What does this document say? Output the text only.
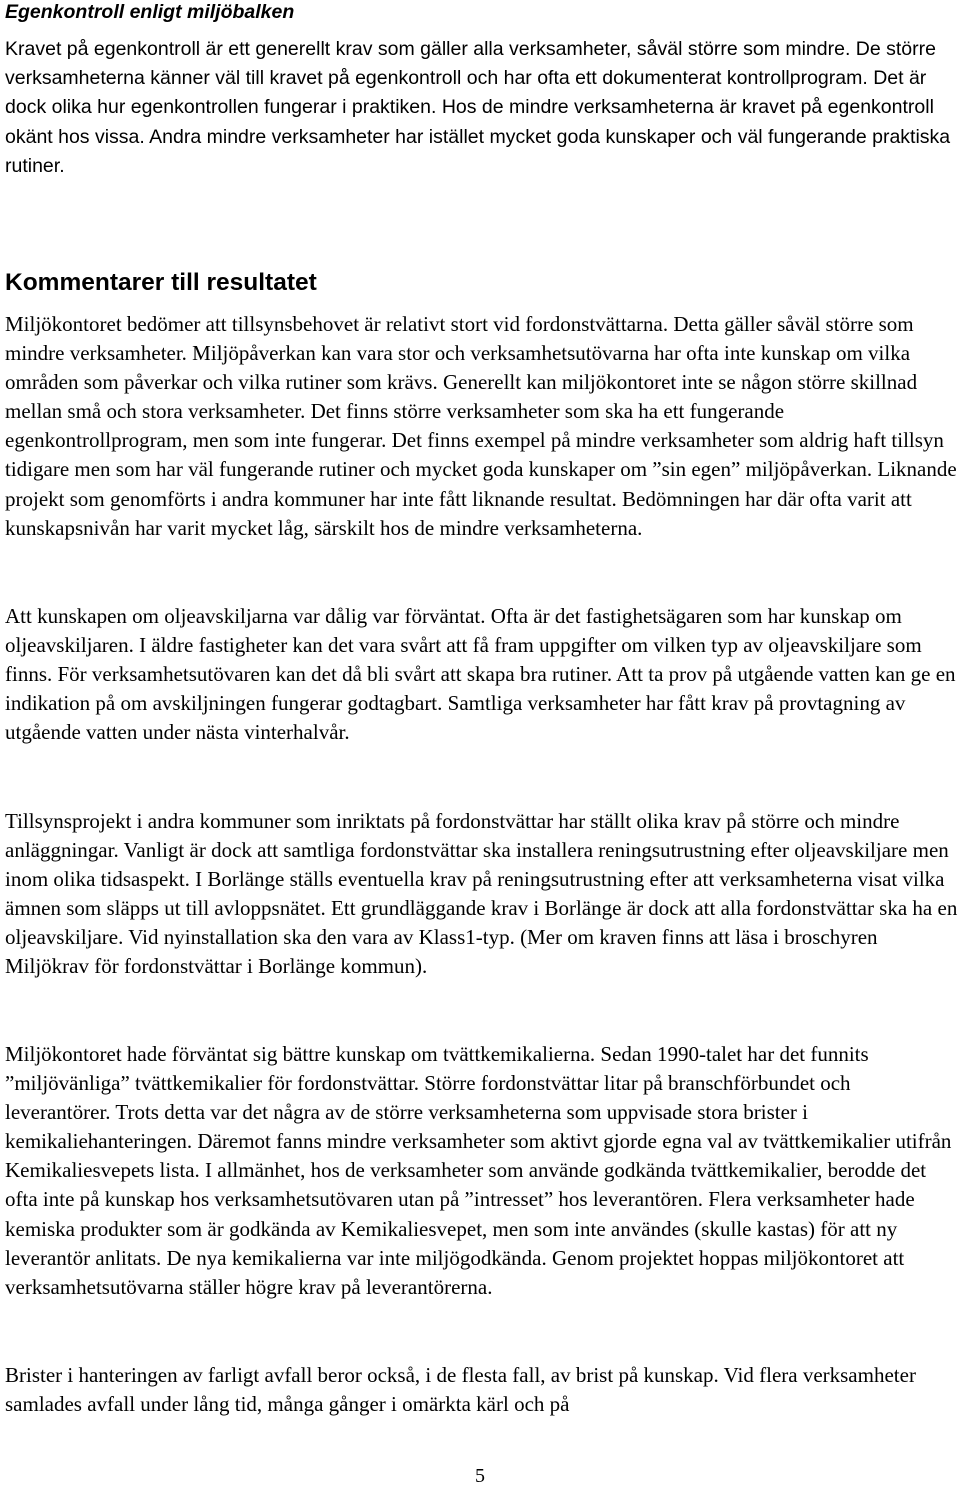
Egenkontroll enligt miljöbalken

Kravet på egenkontroll är ett generellt krav som gäller alla verksamheter, såväl större som mindre. De större verksamheterna känner väl till kravet på egenkontroll och har ofta ett dokumenterat kontrollprogram. Det är dock olika hur egenkontrollen fungerar i praktiken. Hos de mindre verksamheterna är kravet på egenkontroll okänt hos vissa. Andra mindre verksamheter har istället mycket goda kunskaper och väl fungerande praktiska rutiner.

Kommentarer till resultatet

Miljökontoret bedömer att tillsynsbehovet är relativt stort vid fordonstvättarna. Detta gäller såväl större som mindre verksamheter. Miljöpåverkan kan vara stor och verksamhetsutövarna har ofta inte kunskap om vilka områden som påverkar och vilka rutiner som krävs. Generellt kan miljökontoret inte se någon större skillnad mellan små och stora verksamheter. Det finns större verksamheter som ska ha ett fungerande egenkontrollprogram, men som inte fungerar. Det finns exempel på mindre verksamheter som aldrig haft tillsyn tidigare men som har väl fungerande rutiner och mycket goda kunskaper om ”sin egen” miljöpåverkan. Liknande projekt som genomförts i andra kommuner har inte fått liknande resultat. Bedömningen har där ofta varit att kunskapsnivån har varit mycket låg, särskilt hos de mindre verksamheterna.

Att kunskapen om oljeavskiljarna var dålig var förväntat. Ofta är det fastighetsägaren som har kunskap om oljeavskiljaren. I äldre fastigheter kan det vara svårt att få fram uppgifter om vilken typ av oljeavskiljare som finns. För verksamhetsutövaren kan det då bli svårt att skapa bra rutiner. Att ta prov på utgående vatten kan ge en indikation på om avskiljningen fungerar godtagbart. Samtliga verksamheter har fått krav på provtagning av utgående vatten under nästa vinterhalvår.

Tillsynsprojekt i andra kommuner som inriktats på fordonstvättar har ställt olika krav på större och mindre anläggningar. Vanligt är dock att samtliga fordonstvättar ska installera reningsutrustning efter oljeavskiljare men inom olika tidsaspekt. I Borlänge ställs eventuella krav på reningsutrustning efter att verksamheterna visat vilka ämnen som släpps ut till avloppsnätet. Ett grundläggande krav i Borlänge är dock att alla fordonstvättar ska ha en oljeavskiljare. Vid nyinstallation ska den vara av Klass1-typ. (Mer om kraven finns att läsa i broschyren Miljökrav för fordonstvättar i Borlänge kommun).

Miljökontoret hade förväntat sig bättre kunskap om tvättkemikalierna. Sedan 1990-talet har det funnits ”miljövänliga” tvättkemikalier för fordonstvättar. Större fordonstvättar litar på branschförbundet och leverantörer. Trots detta var det några av de större verksamheterna som uppvisade stora brister i kemikaliehanteringen. Däremot fanns mindre verksamheter som aktivt gjorde egna val av tvättkemikalier utifrån Kemikaliesvepets lista. I allmänhet, hos de verksamheter som använde godkända tvättkemikalier, berodde det ofta inte på kunskap hos verksamhetsutövaren utan på ”intresset” hos leverantören. Flera verksamheter hade kemiska produkter som är godkända av Kemikaliesvepet, men som inte användes (skulle kastas) för att ny leverantör anlitats. De nya kemikalierna var inte miljögodkända. Genom projektet hoppas miljökontoret att verksamhetsutövarna ställer högre krav på leverantörerna.

Brister i hanteringen av farligt avfall beror också, i de flesta fall, av brist på kunskap. Vid flera verksamheter samlades avfall under lång tid, många gånger i omärkta kärl och på

5
